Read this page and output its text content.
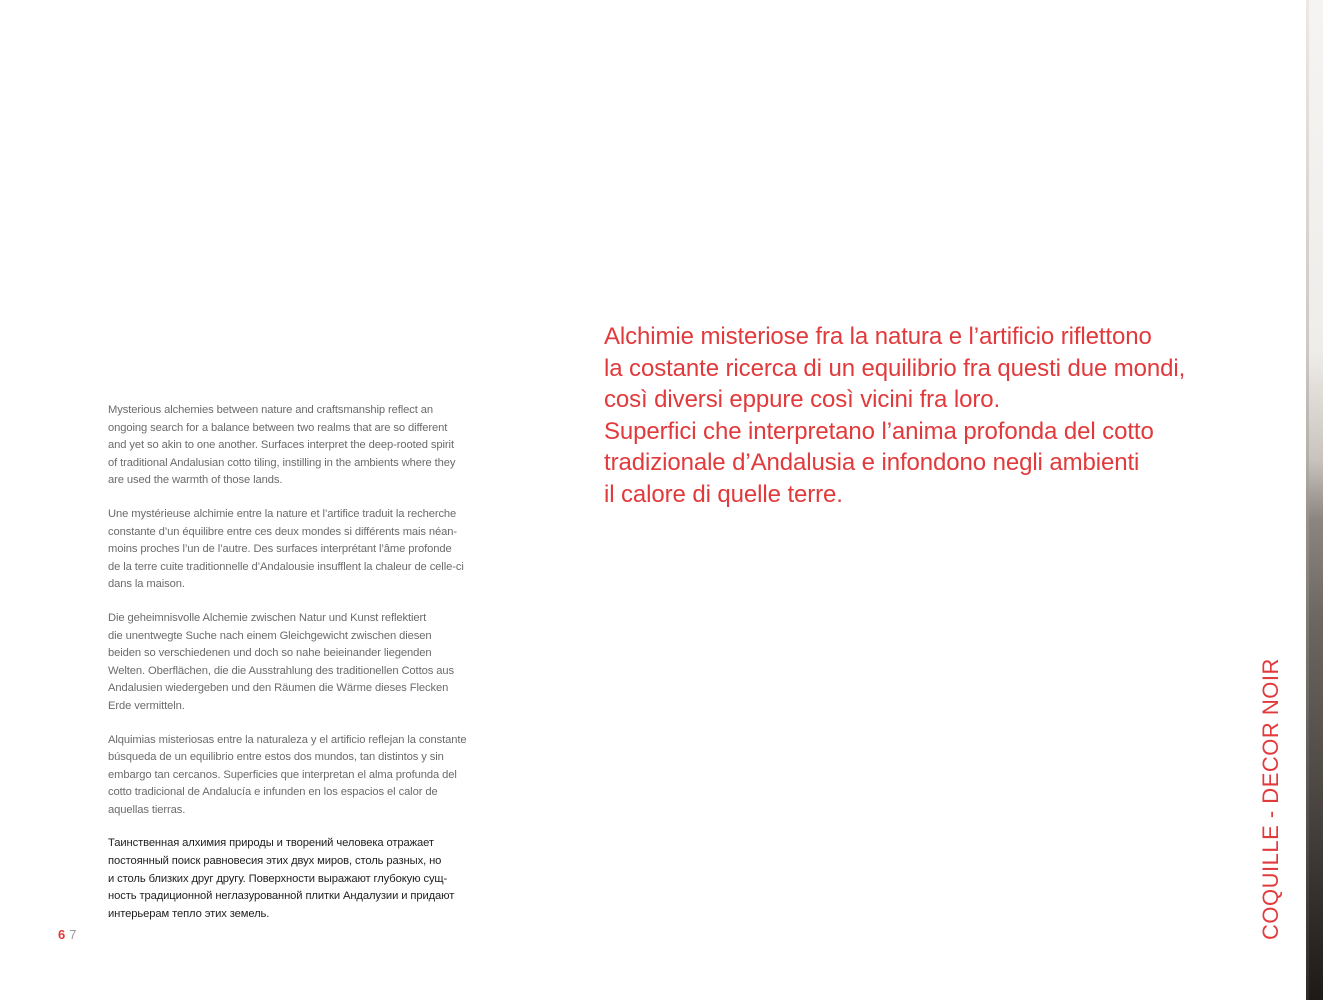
Mysterious alchemies between nature and craftsmanship reflect an
ongoing search for a balance between two realms that are so different
and yet so akin to one another. Surfaces interpret the deep-rooted spirit
of traditional Andalusian cotto tiling, instilling in the ambients where they
are used the warmth of those lands.

Une mystérieuse alchimie entre la nature et l’artifice traduit la recherche
constante d’un équilibre entre ces deux mondes si différents mais néan-
moins proches l’un de l’autre. Des surfaces interprétant l’âme profonde
de la terre cuite traditionnelle d’Andalousie insufflent la chaleur de celle-ci
dans la maison.

Die geheimnisvolle Alchemie zwischen Natur und Kunst reflektiert
die unentwegte Suche nach einem Gleichgewicht zwischen diesen
beiden so verschiedenen und doch so nahe beieinander liegenden
Welten. Oberflächen, die die Ausstrahlung des traditionellen Cottos aus
Andalusien wiedergeben und den Räumen die Wärme dieses Flecken
Erde vermitteln.

Alquimias misteriosas entre la naturaleza y el artificio reflejan la constante
búsqueda de un equilibrio entre estos dos mundos, tan distintos y sin
embargo tan cercanos. Superficies que interpretan el alma profunda del
cotto tradicional de Andalucía e infunden en los espacios el calor de
aquellas tierras.

Таинственная алхимия природы и творений человека отражает
постоянный поиск равновесия этих двух миров, столь разных, но
и столь близких друг другу. Поверхности выражают глубокую сущ-
ность традиционной неглазурованной плитки Андалузии и придают
интерьерам тепло этих земель.

Alchimie misteriose fra la natura e l’artificio riflettono
la costante ricerca di un equilibrio fra questi due mondi,
così diversi eppure così vicini fra loro.
Superfici che interpretano l’anima profonda del cotto
tradizionale d’Andalusia e infondono negli ambienti
il calore di quelle terre.

6 7	COQUILLE - DECOR NOIR
